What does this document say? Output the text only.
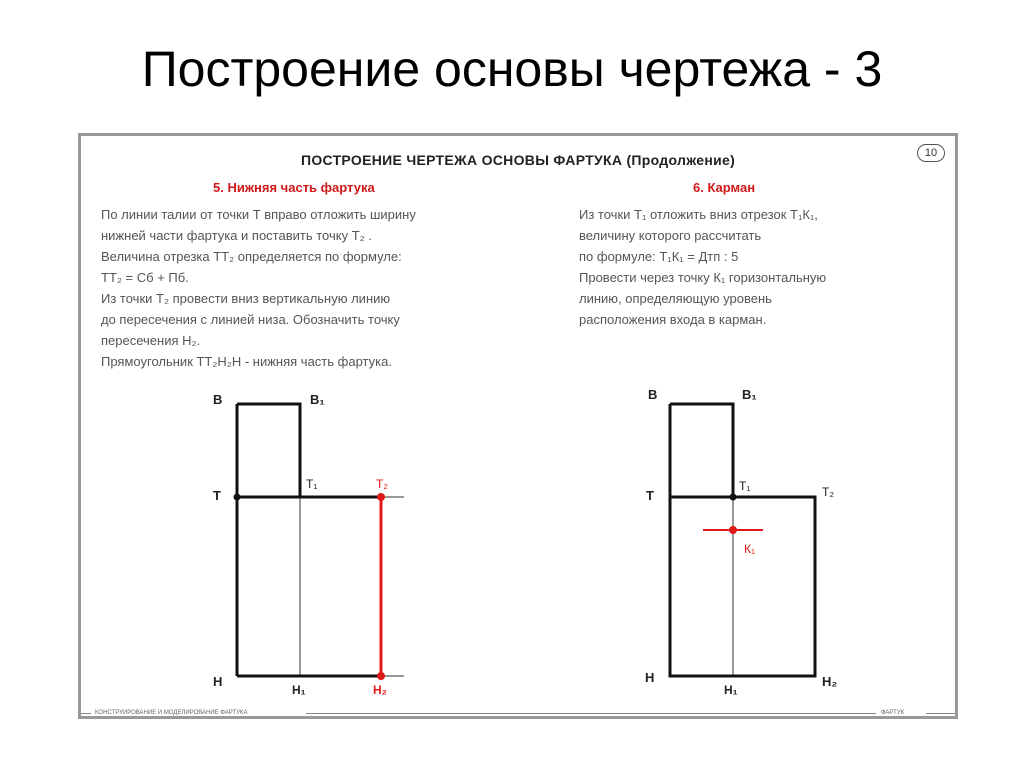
Построение основы чертежа - 3
ПОСТРОЕНИЕ ЧЕРТЕЖА ОСНОВЫ ФАРТУКА (Продолжение)	10
5. Нижняя часть фартука	6. Карман
По линии талии от точки Т вправо отложить ширину
нижней части фартука и поставить точку Т₂ .
Величина отрезка ТТ₂ определяется по формуле:
ТТ₂ = Сб + Пб.
Из точки Т₂ провести вниз вертикальную линию
до пересечения с линией низа. Обозначить точку
пересечения Н₂.
Прямоугольник ТТ₂Н₂Н - нижняя часть фартука.
Из точки Т₁ отложить вниз отрезок Т₁К₁,
величину которого рассчитать
по формуле: Т₁К₁ = Дтп : 5
Провести через точку К₁ горизонтальную
линию, определяющую уровень
расположения входа в карман.
В	В₁
Т
Т₁	Т₂
Н
Н₁	Н₂
В	В₁
Т
Т₁	Т₂
К₁
Н
Н₁
Н₂
КОНСТРУИРОВАНИЕ И МОДЕЛИРОВАНИЕ ФАРТУКА	ФАРТУК
